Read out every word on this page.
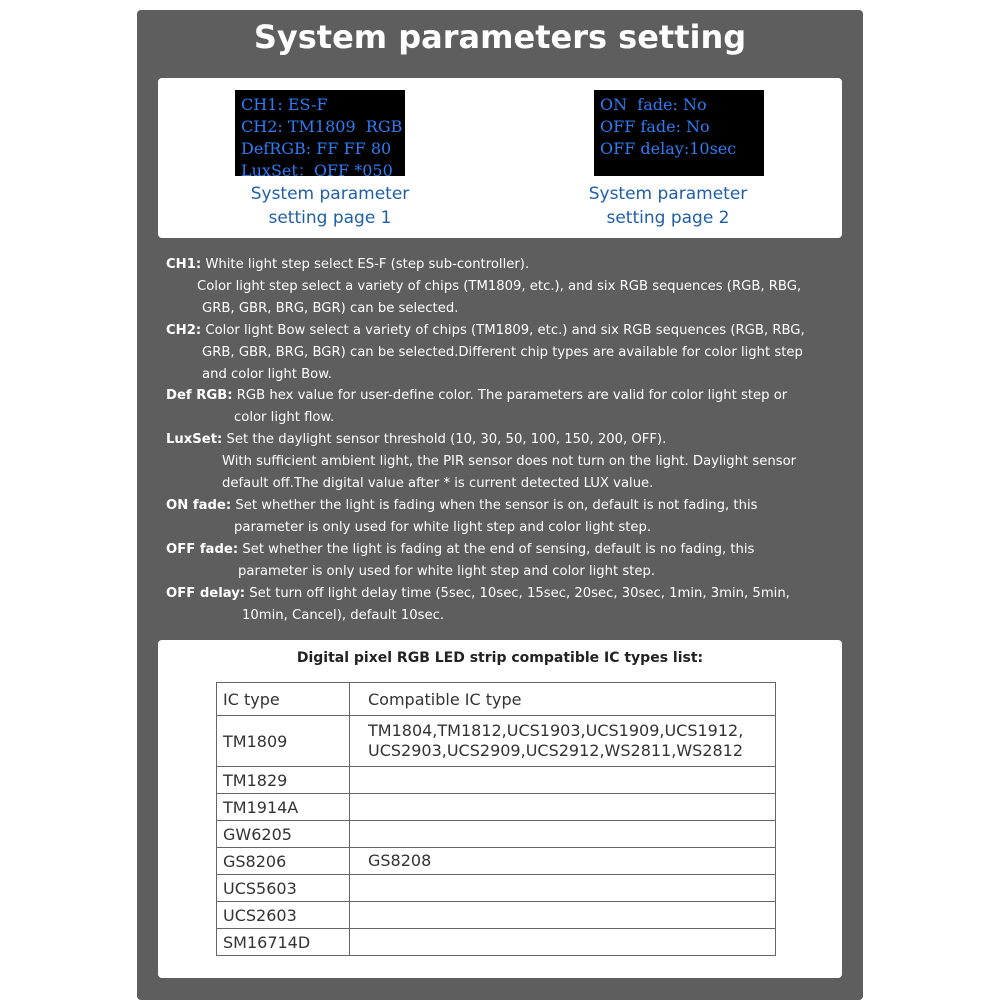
System parameters setting
CH1: ES-F
CH2: TM1809  RGB
DefRGB: FF FF 80
LuxSet：OFF *050
ON  fade: No
OFF fade: No
OFF delay:10sec
System parameter
setting page 1
System parameter
setting page 2

CH1: White light step select ES-F (step sub-controller).

Color light step select a variety of chips (TM1809, etc.), and six RGB sequences (RGB, RBG,

GRB, GBR, BRG, BGR) can be selected.

CH2: Color light Bow select a variety of chips (TM1809, etc.) and six RGB sequences (RGB, RBG,

GRB, GBR, BRG, BGR) can be selected.Different chip types are available for color light step

and color light Bow.

Def RGB: RGB hex value for user-define color. The parameters are valid for color light step or

color light flow.

LuxSet: Set the daylight sensor threshold (10, 30, 50, 100, 150, 200, OFF).

With sufficient ambient light, the PIR sensor does not turn on the light. Daylight sensor

default off.The digital value after * is current detected LUX value.

ON fade: Set whether the light is fading when the sensor is on, default is not fading, this

parameter is only used for white light step and color light step.

OFF fade: Set whether the light is fading at the end of sensing, default is no fading, this

parameter is only used for white light step and color light step.

OFF delay: Set turn off light delay time (5sec, 10sec, 15sec, 20sec, 30sec, 1min, 3min, 5min,

10min, Cancel), default 10sec.

Digital pixel RGB LED strip compatible IC types list:
IC type	Compatible IC type
TM1809	TM1804,TM1812,UCS1903,UCS1909,UCS1912,
UCS2903,UCS2909,UCS2912,WS2811,WS2812

TM1829	
TM1914A	
GW6205	
GS8206	GS8208
UCS5603	
UCS2603	
SM16714D	
